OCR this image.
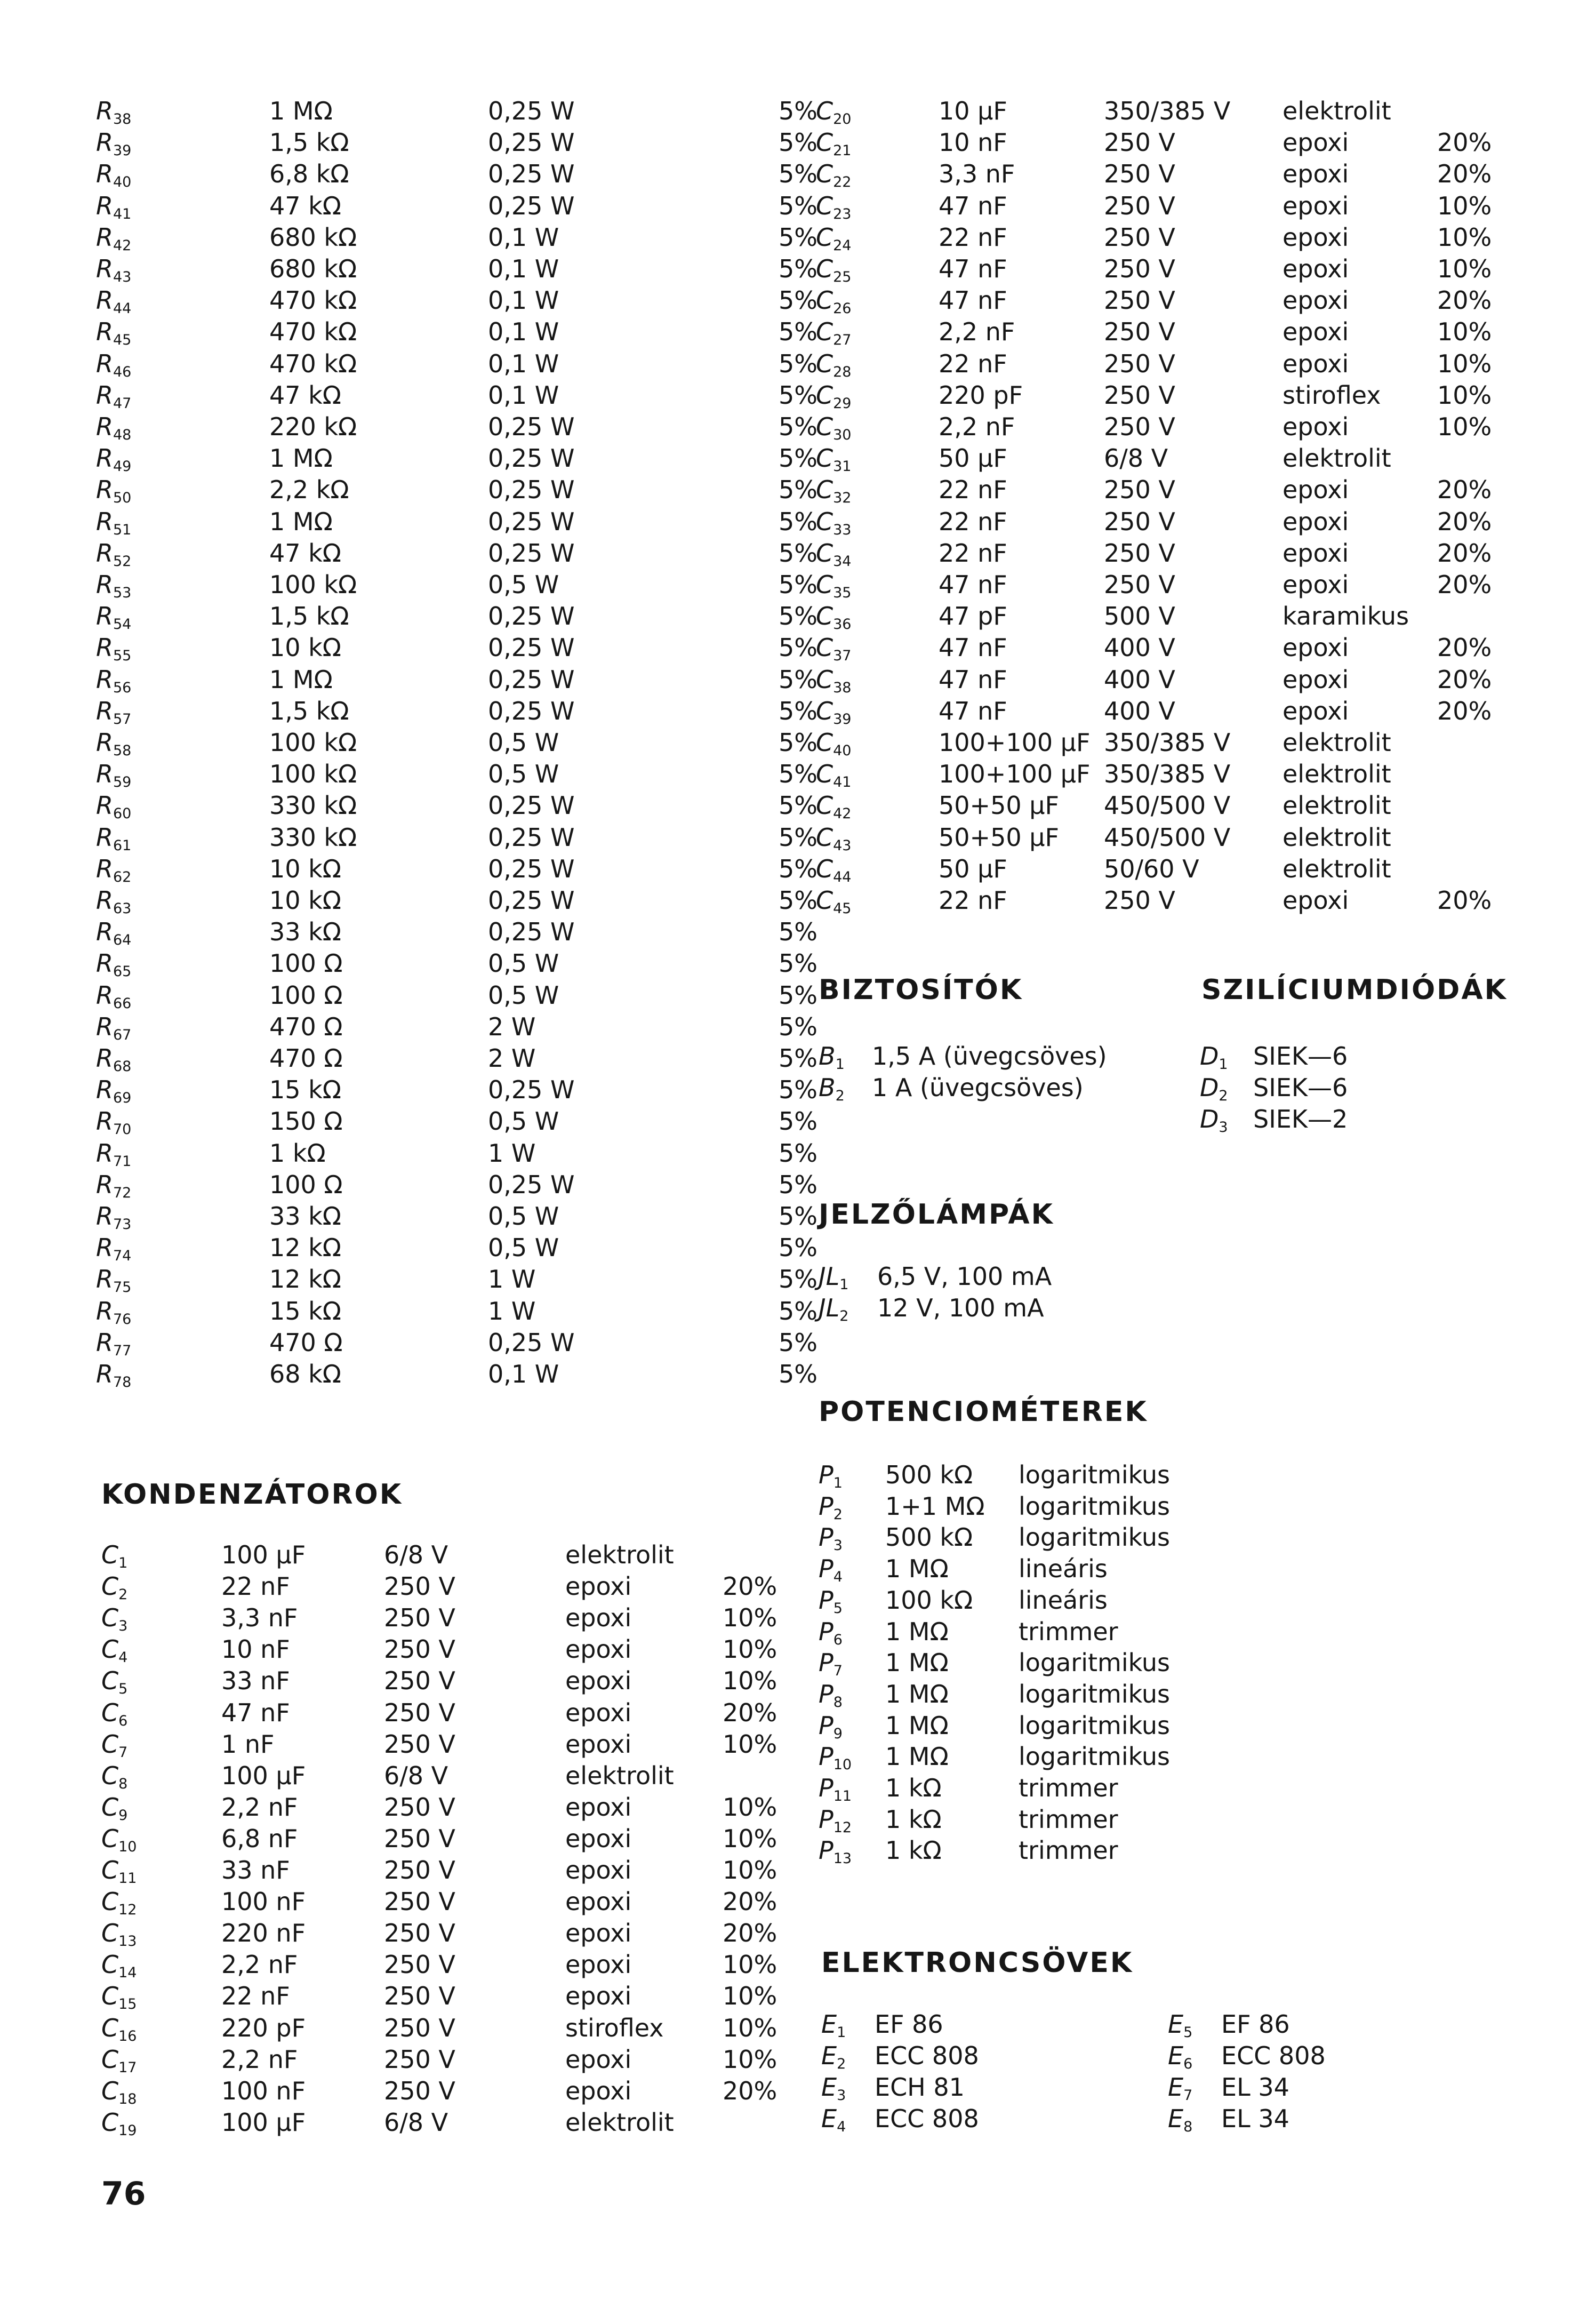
$R_{38}$	1 MΩ	0,25 W	5%
$R_{39}$	1,5 kΩ	0,25 W	5%
$R_{40}$	6,8 kΩ	0,25 W	5%
$R_{41}$	47 kΩ	0,25 W	5%
$R_{42}$	680 kΩ	0,1 W	5%
$R_{43}$	680 kΩ	0,1 W	5%
$R_{44}$	470 kΩ	0,1 W	5%
$R_{45}$	470 kΩ	0,1 W	5%
$R_{46}$	470 kΩ	0,1 W	5%
$R_{47}$	47 kΩ	0,1 W	5%
$R_{48}$	220 kΩ	0,25 W	5%
$R_{49}$	1 MΩ	0,25 W	5%
$R_{50}$	2,2 kΩ	0,25 W	5%
$R_{51}$	1 MΩ	0,25 W	5%
$R_{52}$	47 kΩ	0,25 W	5%
$R_{53}$	100 kΩ	0,5 W	5%
$R_{54}$	1,5 kΩ	0,25 W	5%
$R_{55}$	10 kΩ	0,25 W	5%
$R_{56}$	1 MΩ	0,25 W	5%
$R_{57}$	1,5 kΩ	0,25 W	5%
$R_{58}$	100 kΩ	0,5 W	5%
$R_{59}$	100 kΩ	0,5 W	5%
$R_{60}$	330 kΩ	0,25 W	5%
$R_{61}$	330 kΩ	0,25 W	5%
$R_{62}$	10 kΩ	0,25 W	5%
$R_{63}$	10 kΩ	0,25 W	5%
$R_{64}$	33 kΩ	0,25 W	5%
$R_{65}$	100 Ω	0,5 W	5%
$R_{66}$	100 Ω	0,5 W	5%
$R_{67}$	470 Ω	2 W	5%
$R_{68}$	470 Ω	2 W	5%
$R_{69}$	15 kΩ	0,25 W	5%
$R_{70}$	150 Ω	0,5 W	5%
$R_{71}$	1 kΩ	1 W	5%
$R_{72}$	100 Ω	0,25 W	5%
$R_{73}$	33 kΩ	0,5 W	5%
$R_{74}$	12 kΩ	0,5 W	5%
$R_{75}$	12 kΩ	1 W	5%
$R_{76}$	15 kΩ	1 W	5%
$R_{77}$	470 Ω	0,25 W	5%
$R_{78}$	68 kΩ	0,1 W	5%
$C_{20}$	10 μF	350/385 V elektrolit
$C_{21}$	10 nF	250 V	epoxi	20%
$C_{22}$	3,3 nF	250 V	epoxi	20%
$C_{23}$	47 nF	250 V	epoxi	10%
$C_{24}$	22 nF	250 V	epoxi	10%
$C_{25}$	47 nF	250 V	epoxi	10%
$C_{26}$	47 nF	250 V	epoxi	20%
$C_{27}$	2,2 nF	250 V	epoxi	10%
$C_{28}$	22 nF	250 V	epoxi	10%
$C_{29}$	220 pF	250 V	stiroflex 10%
$C_{30}$	2,2 nF	250 V	epoxi	10%
$C_{31}$	50 μF	6/8 V	elektrolit
$C_{32}$	22 nF	250 V	epoxi	20%
$C_{33}$	22 nF	250 V	epoxi	20%
$C_{34}$	22 nF	250 V	epoxi	20%
$C_{35}$	47 nF	250 V	epoxi	20%
$C_{36}$	47 pF	500 V	karamikus
$C_{37}$	47 nF	400 V	epoxi	20%
$C_{38}$	47 nF	400 V	epoxi	20%
$C_{39}$	47 nF	400 V	epoxi	20%
$C_{40}$	100+100 μF 350/385 V elektrolit
$C_{41}$	100+100 μF 350/385 V elektrolit
$C_{42}$	50+50 μF 450/500 V elektrolit
$C_{43}$	50+50 μF 450/500 V elektrolit
$C_{44}$	50 μF	50/60 V	elektrolit
$C_{45}$	22 nF	250 V	epoxi	20%
KONDENZÁTOROK
$C_1$	100 μF	6/8 V	elektrolit
$C_2$	22 nF	250 V	epoxi	20%
$C_3$	3,3 nF	250 V	epoxi	10%
$C_4$	10 nF	250 V	epoxi	10%
$C_5$	33 nF	250 V	epoxi	10%
$C_6$	47 nF	250 V	epoxi	20%
$C_7$	1 nF	250 V	epoxi	10%
$C_8$	100 μF	6/8 V	elektrolit
$C_9$	2,2 nF	250 V	epoxi	10%
$C_{10}$	6,8 nF	250 V	epoxi	10%
$C_{11}$	33 nF	250 V	epoxi	10%
$C_{12}$	100 nF	250 V	epoxi	20%
$C_{13}$	220 nF	250 V	epoxi	20%
$C_{14}$	2,2 nF	250 V	epoxi	10%
$C_{15}$	22 nF	250 V	epoxi	10%
$C_{16}$	220 pF	250 V	stiroflex 10%
$C_{17}$	2,2 nF	250 V	epoxi	10%
$C_{18}$	100 nF	250 V	epoxi	20%
$C_{19}$	100 μF	6/8 V	elektrolit
BIZTOSÍTÓK	SZILÍCIUMDIÓDÁK
$B_1$ 1,5 A (üvegcsöves)
$B_2$ 1 A (üvegcsöves)
$D_1$ SIEK—6
$D_2$ SIEK—6
$D_3$ SIEK—2
JELZŐLÁMPÁK
$JL_1$ 6,5 V, 100 mA
$JL_2$ 12 V, 100 mA
POTENCIOMÉTEREK
$P_1$ 500 kΩ logaritmikus
$P_2$ 1+1 MΩ logaritmikus
$P_3$ 500 kΩ logaritmikus
$P_4$ 1 MΩ	lineáris
$P_5$ 100 kΩ lineáris
$P_6$ 1 MΩ	trimmer
$P_7$ 1 MΩ	logaritmikus
$P_8$ 1 MΩ	logaritmikus
$P_9$ 1 MΩ	logaritmikus
$P_{10}$ 1 MΩ	logaritmikus
$P_{11}$ 1 kΩ	trimmer
$P_{12}$ 1 kΩ	trimmer
$P_{13}$ 1 kΩ	trimmer
ELEKTRONCSÖVEK
$E_1$ EF 86
$E_2$ ECC 808
$E_3$ ECH 81
$E_4$ ECC 808
$E_5$ EF 86
$E_6$ ECC 808
$E_7$ EL 34
$E_8$ EL 34
76
